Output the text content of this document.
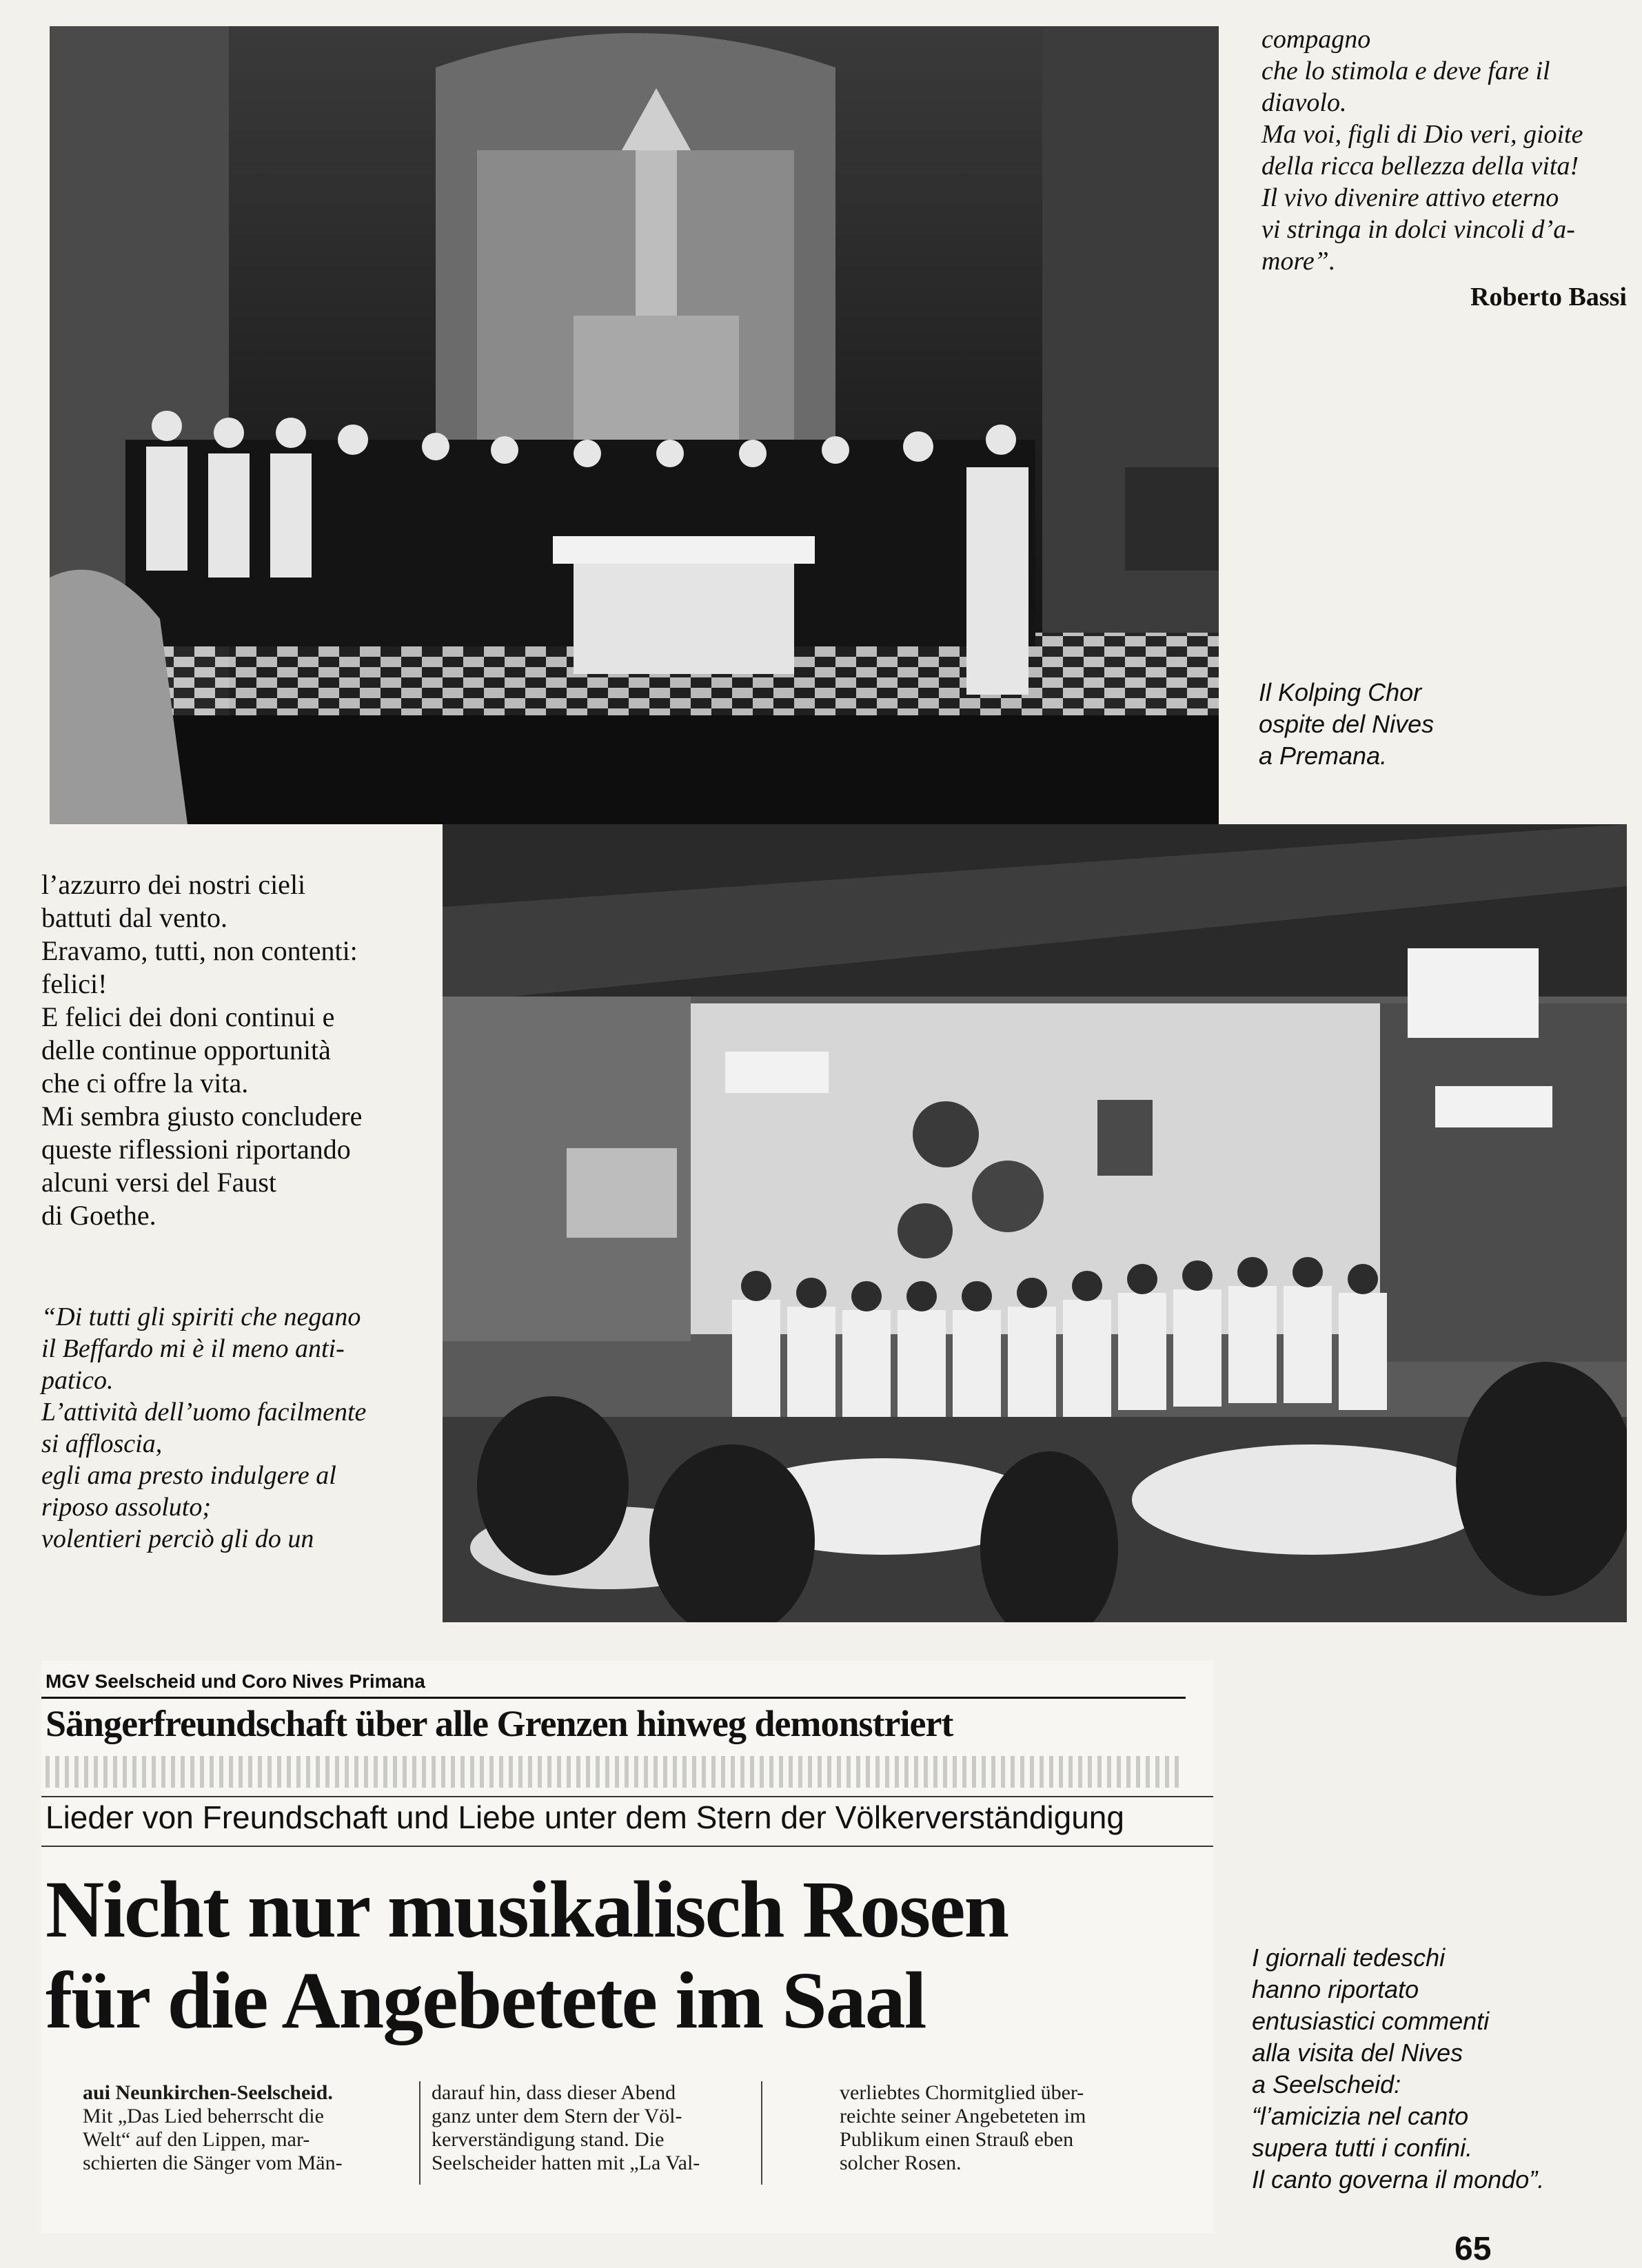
compagno
che lo stimola e deve fare il
diavolo.
Ma voi, figli di Dio veri, gioite
della ricca bellezza della vita!
Il vivo divenire attivo eterno
vi stringa in dolci vincoli d’a-
more”.
Roberto Bassi
Il Kolping Chor
ospite del Nives
a Premana.
l’azzurro dei nostri cieli
battuti dal vento.
Eravamo, tutti, non contenti:
felici!
E felici dei doni continui e
delle continue opportunità
che ci offre la vita.
Mi sembra giusto concludere
queste riflessioni riportando
alcuni versi del Faust
di Goethe.
“Di tutti gli spiriti che negano
il Beffardo mi è il meno anti-
patico.
L’attività dell’uomo facilmente
si affloscia,
egli ama presto indulgere al
riposo assoluto;
volentieri perciò gli do un
MGV Seelscheid und Coro Nives Primana
Sängerfreundschaft über alle Grenzen hinweg demonstriert
Lieder von Freundschaft und Liebe unter dem Stern der Völkerverständigung
Nicht nur musikalisch Rosen
für die Angebetete im Saal
aui Neunkirchen-Seelscheid.
Mit „Das Lied beherrscht die
Welt“ auf den Lippen, mar-
schierten die Sänger vom Män-
darauf hin, dass dieser Abend
ganz unter dem Stern der Völ-
kerverständigung stand. Die
Seelscheider hatten mit „La Val-
verliebtes Chormitglied über-
reichte seiner Angebeteten im
Publikum einen Strauß eben
solcher Rosen.
I giornali tedeschi
hanno riportato
entusiastici commenti
alla visita del Nives
a Seelscheid:
“l’amicizia nel canto
supera tutti i confini.
Il canto governa il mondo”.
65
